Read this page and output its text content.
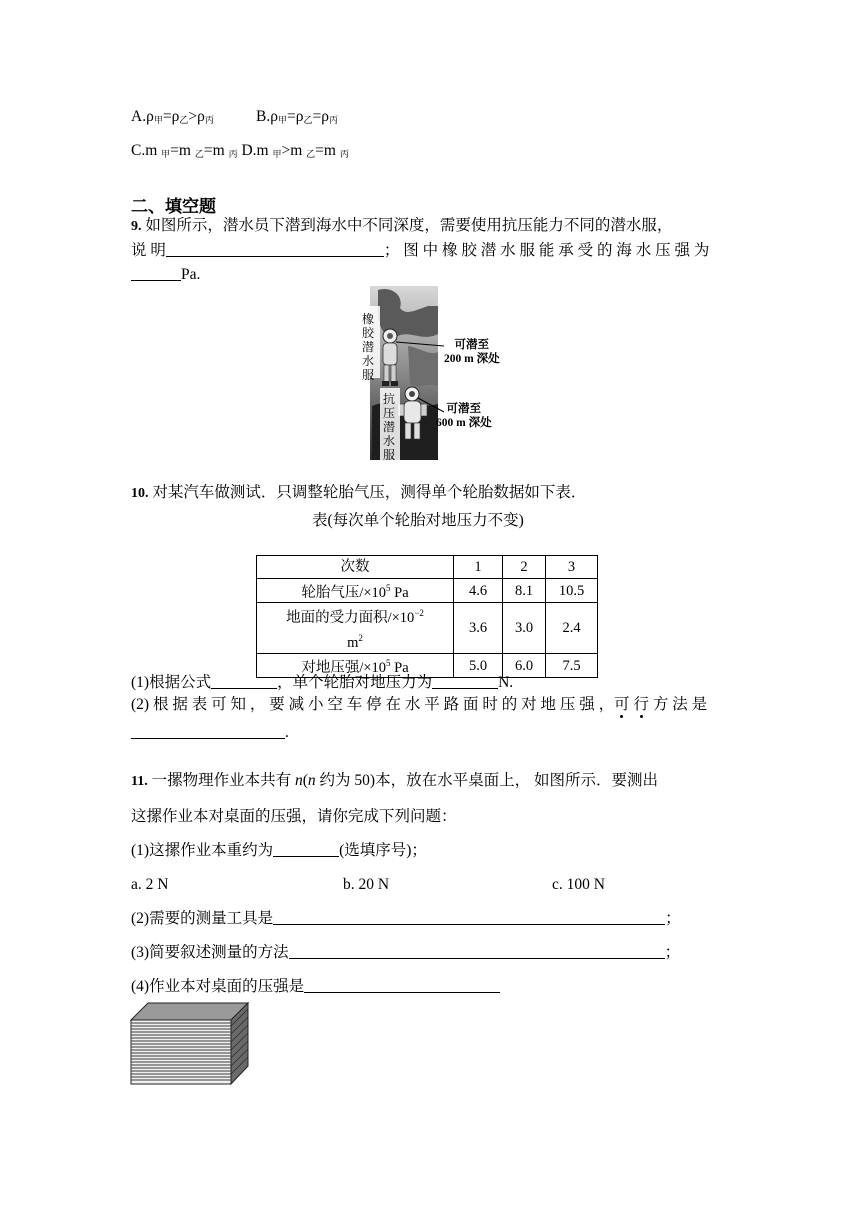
$A.\rho_甲=\rho_乙>\rho_丙$	$B.\rho_甲=\rho_乙=\rho_丙$
C.m $_甲$=m $_乙$=m $_丙$ D.m $_甲$>m $_乙$=m $_丙$
二、填空题
9. 如图所示，潜水员下潜到海水中不同深度，需要使用抗压能力不同的潜水服，
说 明	； 图 中 橡 胶 潜 水 服 能 承 受 的 海 水 压 强 为
Pa.
橡
胶
潜
水
服
抗
压
潜
水
服
可潜至
200 m 深处
可潜至
600 m 深处
10. 对某汽车做测试．只调整轮胎气压，测得单个轮胎数据如下表．
表(每次单个轮胎对地压力不变)
次数	1	2	3
轮胎气压$/\times 10^5$ Pa	4.6	8.1	10.5
地面的受力面积$/\times 10^{-2}$
$m^2$	3.6	3.0	2.4
对地压强$/\times 10^5$ Pa	5.0	6.0	7.5
(1)根据公式	，单个轮胎对地压力为	N.
(2) 根 据 表 可 知 ， 要 减 小 空 车 停 在 水 平 路 面 时 的 对 地 压 强 ，可 行 方 法 是
.
11. 一摞物理作业本共有 n(n 约为 50)本，放在水平桌面上， 如图所示．要测出
这摞作业本对桌面的压强，请你完成下列问题：
(1)这摞作业本重约为	(选填序号)；
a. 2 N	b. 20 N	c. 100 N
(2)需要的测量工具是	；
(3)简要叙述测量的方法	；
(4)作业本对桌面的压强是
